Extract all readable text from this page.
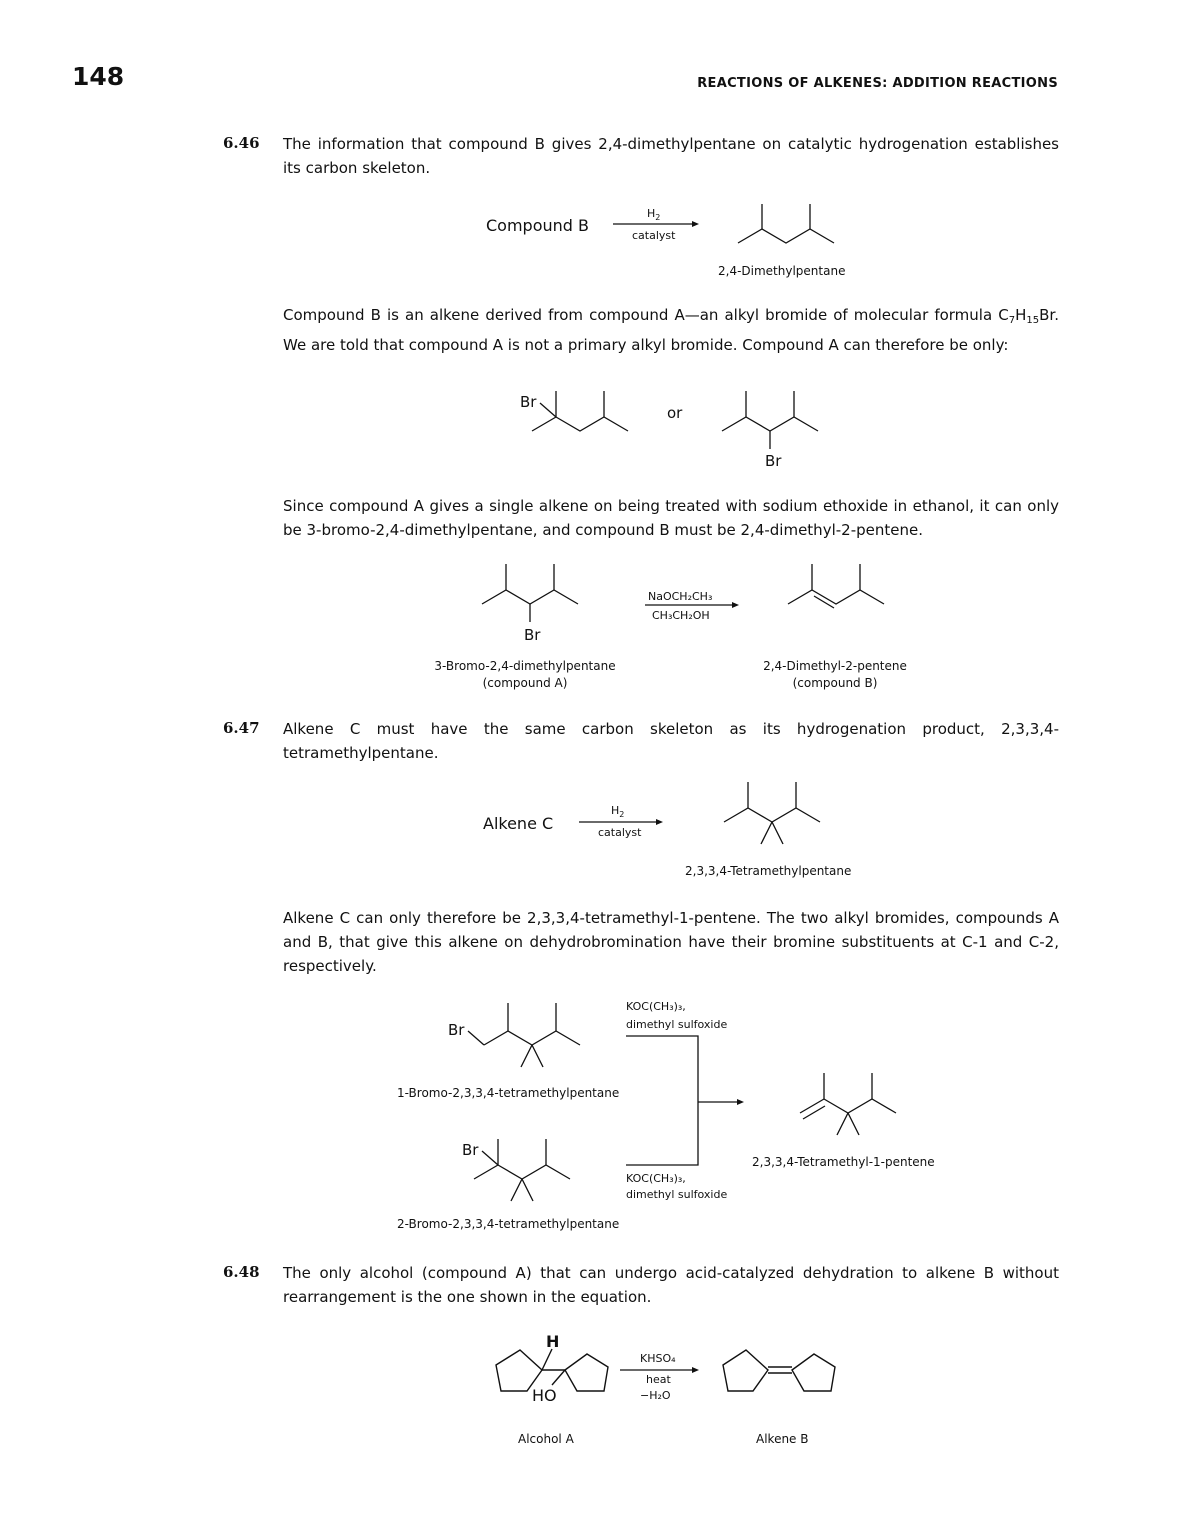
148	REACTIONS OF ALKENES: ADDITION REACTIONS
6.46 The information that compound B gives 2,4-dimethylpentane on catalytic hydrogenation establishes its carbon skeleton.

Compound B
$H_2$
catalyst
2,4-Dimethylpentane

Compound B is an alkene derived from compound A—an alkyl bromide of molecular formula $C_7H_{15}Br$. We are told that compound A is not a primary alkyl bromide. Compound A can therefore be only:

Br
or
Br

Since compound A gives a single alkene on being treated with sodium ethoxide in ethanol, it can only be 3-bromo-2,4-dimethylpentane, and compound B must be 2,4-dimethyl-2-pentene.

Br
NaOCH₂CH₃
CH₃CH₂OH
3-Bromo-2,4-dimethylpentane
(compound A)
2,4-Dimethyl-2-pentene
(compound B)
6.47 Alkene C must have the same carbon skeleton as its hydrogenation product, 2,3,3,4-tetramethylpentane.

Alkene C
$H_2$
catalyst
2,3,3,4-Tetramethylpentane

Alkene C can only therefore be 2,3,3,4-tetramethyl-1-pentene. The two alkyl bromides, compounds A and B, that give this alkene on dehydrobromination have their bromine substituents at C-1 and C-2, respectively.

Br
1-Bromo-2,3,3,4-tetramethylpentane
Br
2-Bromo-2,3,3,4-tetramethylpentane
KOC(CH₃)₃,
dimethyl sulfoxide
KOC(CH₃)₃,
dimethyl sulfoxide
2,3,3,4-Tetramethyl-1-pentene
6.48 The only alcohol (compound A) that can undergo acid-catalyzed dehydration to alkene B without rearrangement is the one shown in the equation.

H
HO
KHSO₄
heat
−H₂O
Alcohol A	Alkene B
